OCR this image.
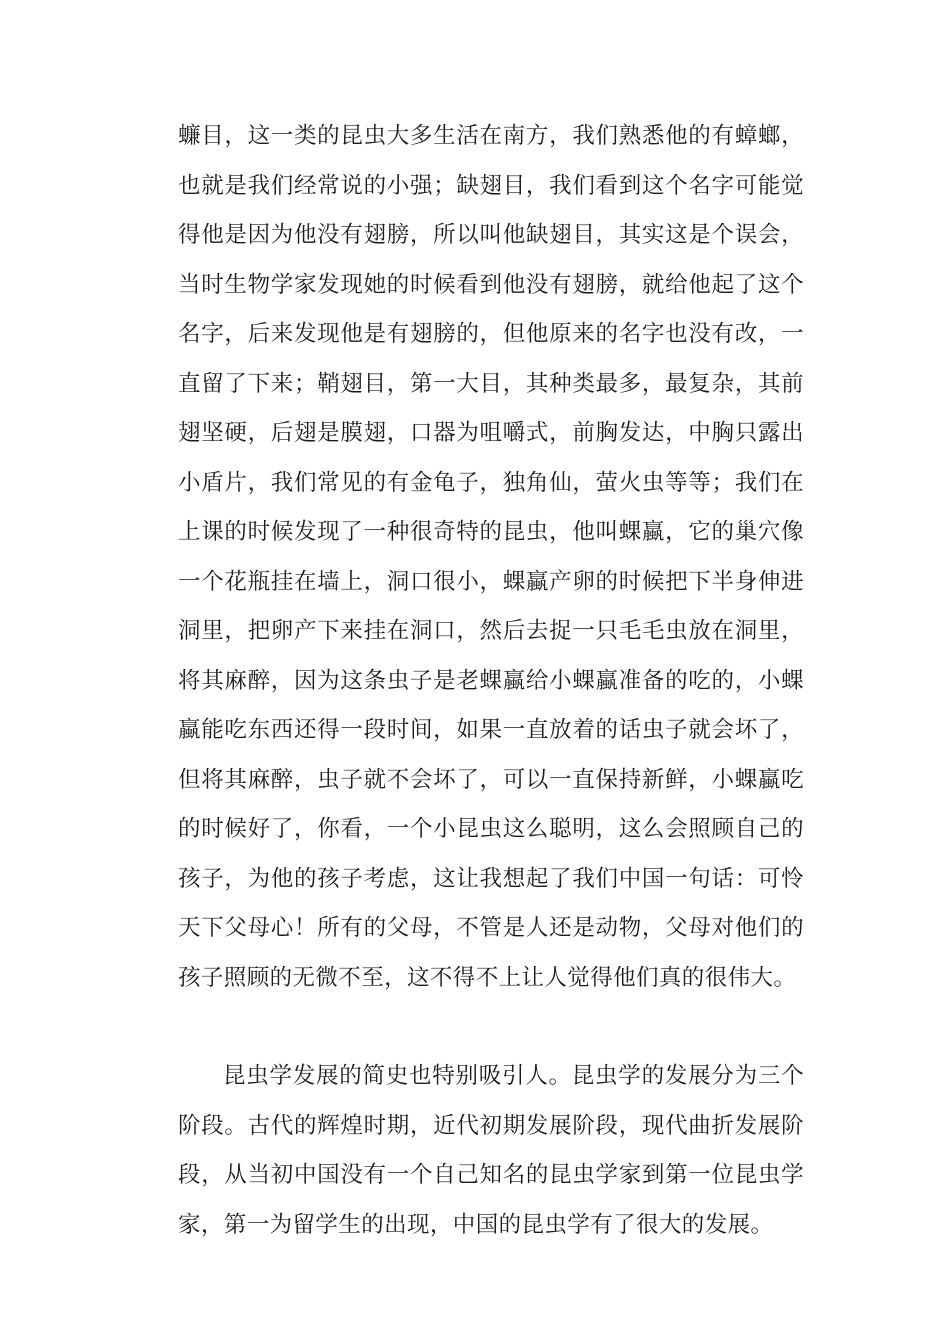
蠊目，这一类的昆虫大多生活在南方，我们熟悉他的有蟑螂，也就是我们经常说的小强；缺翅目，我们看到这个名字可能觉得他是因为他没有翅膀，所以叫他缺翅目，其实这是个误会，当时生物学家发现她的时候看到他没有翅膀，就给他起了这个名字，后来发现他是有翅膀的，但他原来的名字也没有改，一直留了下来；鞘翅目，第一大目，其种类最多，最复杂，其前翅坚硬，后翅是膜翅，口器为咀嚼式，前胸发达，中胸只露出小盾片，我们常见的有金龟子，独角仙，萤火虫等等；我们在上课的时候发现了一种很奇特的昆虫，他叫蜾蠃，它的巢穴像一个花瓶挂在墙上，洞口很小，蜾蠃产卵的时候把下半身伸进洞里，把卵产下来挂在洞口，然后去捉一只毛毛虫放在洞里，将其麻醉，因为这条虫子是老蜾蠃给小蜾蠃准备的吃的，小蜾蠃能吃东西还得一段时间，如果一直放着的话虫子就会坏了，但将其麻醉，虫子就不会坏了，可以一直保持新鲜，小蜾蠃吃的时候好了，你看，一个小昆虫这么聪明，这么会照顾自己的孩子，为他的孩子考虑，这让我想起了我们中国一句话：可怜天下父母心！所有的父母，不管是人还是动物，父母对他们的孩子照顾的无微不至，这不得不上让人觉得他们真的很伟大。

昆虫学发展的简史也特别吸引人。昆虫学的发展分为三个阶段。古代的辉煌时期，近代初期发展阶段，现代曲折发展阶段，从当初中国没有一个自己知名的昆虫学家到第一位昆虫学家，第一为留学生的出现，中国的昆虫学有了很大的发展。
